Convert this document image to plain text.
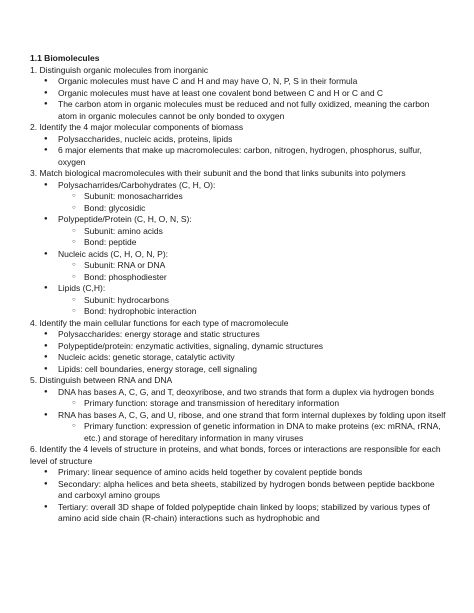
1.1 Biomolecules
1. Distinguish organic molecules from inorganic
● Organic molecules must have C and H and may have O, N, P, S in their formula
● Organic molecules must have at least one covalent bond between C and H or C and C
● The carbon atom in organic molecules must be reduced and not fully oxidized, meaning the carbon atom in organic molecules cannot be only bonded to oxygen
2. Identify the 4 major molecular components of biomass
● Polysaccharides, nucleic acids, proteins, lipids
● 6 major elements that make up macromolecules: carbon, nitrogen, hydrogen, phosphorus, sulfur, oxygen
3. Match biological macromolecules with their subunit and the bond that links subunits into polymers
● Polysacharrides/Carbohydrates (C, H, O):
○ Subunit: monosacharrides
○ Bond: glycosidic
● Polypeptide/Protein (C, H, O, N, S):
○ Subunit: amino acids
○ Bond: peptide
● Nucleic acids (C, H, O, N, P):
○ Subunit: RNA or DNA
○ Bond: phosphodiester
● Lipids (C,H):
○ Subunit: hydrocarbons
○ Bond: hydrophobic interaction
4. Identify the main cellular functions for each type of macromolecule
● Polysaccharides: energy storage and static structures
● Polypeptide/protein: enzymatic activities, signaling, dynamic structures
● Nucleic acids: genetic storage, catalytic activity
● Lipids: cell boundaries, energy storage, cell signaling
5. Distinguish between RNA and DNA
● DNA has bases A, C, G, and T, deoxyribose, and two strands that form a duplex via hydrogen bonds
○ Primary function: storage and transmission of hereditary information
● RNA has bases A, C, G, and U, ribose, and one strand that form internal duplexes by folding upon itself
○ Primary function: expression of genetic information in DNA to make proteins (ex: mRNA, rRNA, etc.) and storage of hereditary information in many viruses
6. Identify the 4 levels of structure in proteins, and what bonds, forces or interactions are responsible for each level of structure
● Primary: linear sequence of amino acids held together by covalent peptide bonds
● Secondary: alpha helices and beta sheets, stabilized by hydrogen bonds between peptide backbone and carboxyl amino groups
● Tertiary: overall 3D shape of folded polypeptide chain linked by loops; stabilized by various types of amino acid side chain (R-chain) interactions such as hydrophobic and
